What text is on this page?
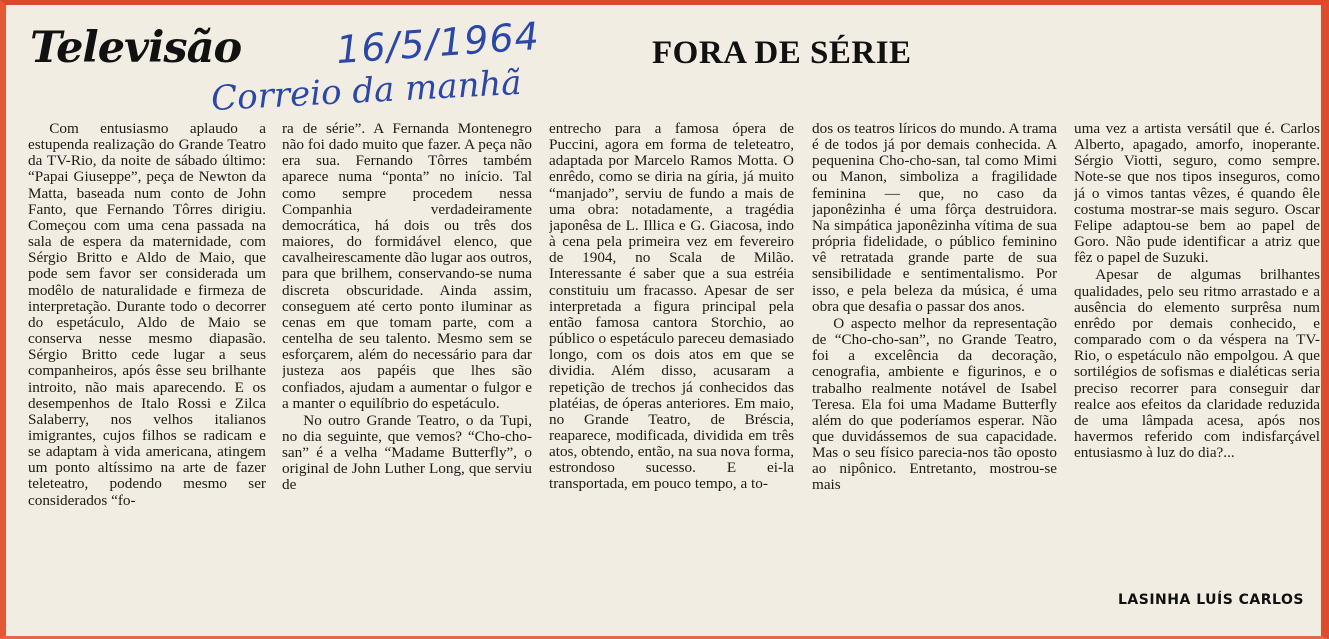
Televisão 16/5/1964
Correio da manhã
FORA DE SÉRIE

Com entusiasmo aplaudo a estupenda realização do Grande Teatro da TV-Rio, da noite de sábado último: “Papai Giuseppe”, peça de Newton da Matta, baseada num conto de John Fanto, que Fernando Tôrres dirigiu. Começou com uma cena passada na sala de espera da maternidade, com Sérgio Britto e Aldo de Maio, que pode sem favor ser considerada um modêlo de naturalidade e firmeza de interpretação. Durante todo o decorrer do espetáculo, Aldo de Maio se conserva nesse mesmo diapasão. Sérgio Britto cede lugar a seus companheiros, após êsse seu brilhante introito, não mais aparecendo. E os desempenhos de Italo Rossi e Zilca Salaberry, nos velhos italianos imigrantes, cujos filhos se radicam e se adaptam à vida americana, atingem um ponto altíssimo na arte de fazer teleteatro, podendo mesmo ser considerados “fo-

ra de série”. A Fernanda Montenegro não foi dado muito que fazer. A peça não era sua. Fernando Tôrres também aparece numa “ponta” no início. Tal como sempre procedem nessa Companhia verdadeiramente democrática, há dois ou três dos maiores, do formidável elenco, que cavalheirescamente dão lugar aos outros, para que brilhem, conservando-se numa discreta obscuridade. Ainda assim, conseguem até certo ponto iluminar as cenas em que tomam parte, com a centelha de seu talento. Mesmo sem se esforçarem, além do necessário para dar justeza aos papéis que lhes são confiados, ajudam a aumentar o fulgor e a manter o equilíbrio do espetáculo.

No outro Grande Teatro, o da Tupi, no dia seguinte, que vemos? “Cho-cho-san” é a velha “Madame Butterfly”, o original de John Luther Long, que serviu de

entrecho para a famosa ópera de Puccini, agora em forma de teleteatro, adaptada por Marcelo Ramos Motta. O enrêdo, como se diria na gíria, já muito “manjado”, serviu de fundo a mais de uma obra: notadamente, a tragédia japonêsa de L. Illica e G. Giacosa, indo à cena pela primeira vez em fevereiro de 1904, no Scala de Milão. Interessante é saber que a sua estréia constituiu um fracasso. Apesar de ser interpretada a figura principal pela então famosa cantora Storchio, ao público o espetáculo pareceu demasiado longo, com os dois atos em que se dividia. Além disso, acusaram a repetição de trechos já conhecidos das platéias, de óperas anteriores. Em maio, no Grande Teatro, de Bréscia, reaparece, modificada, dividida em três atos, obtendo, então, na sua nova forma, estrondoso sucesso. E ei-la transportada, em pouco tempo, a to-

dos os teatros líricos do mundo. A trama é de todos já por demais conhecida. A pequenina Cho-cho-san, tal como Mimi ou Manon, simboliza a fragilidade feminina — que, no caso da japonêzinha é uma fôrça destruidora. Na simpática japonêzinha vítima de sua própria fidelidade, o público feminino vê retratada grande parte de sua sensibilidade e sentimentalismo. Por isso, e pela beleza da música, é uma obra que desafia o passar dos anos.

O aspecto melhor da representação de “Cho-cho-san”, no Grande Teatro, foi a excelência da decoração, cenografia, ambiente e figurinos, e o trabalho realmente notável de Isabel Teresa. Ela foi uma Madame Butterfly além do que poderíamos esperar. Não que duvidássemos de sua capacidade. Mas o seu físico parecia-nos tão oposto ao nipônico. Entretanto, mostrou-se mais

uma vez a artista versátil que é. Carlos Alberto, apagado, amorfo, inoperante. Sérgio Viotti, seguro, como sempre. Note-se que nos tipos inseguros, como já o vimos tantas vêzes, é quando êle costuma mostrar-se mais seguro. Oscar Felipe adaptou-se bem ao papel de Goro. Não pude identificar a atriz que fêz o papel de Suzuki.

Apesar de algumas brilhantes qualidades, pelo seu ritmo arrastado e a ausência do elemento surprêsa num enrêdo por demais conhecido, e comparado com o da véspera na TV-Rio, o espetáculo não empolgou. A que sortilégios de sofismas e dialéticas seria preciso recorrer para conseguir dar realce aos efeitos da claridade reduzida de uma lâmpada acesa, após nos havermos referido com indisfarçável entusiasmo à luz do dia?...

LASINHA LUÍS CARLOS
